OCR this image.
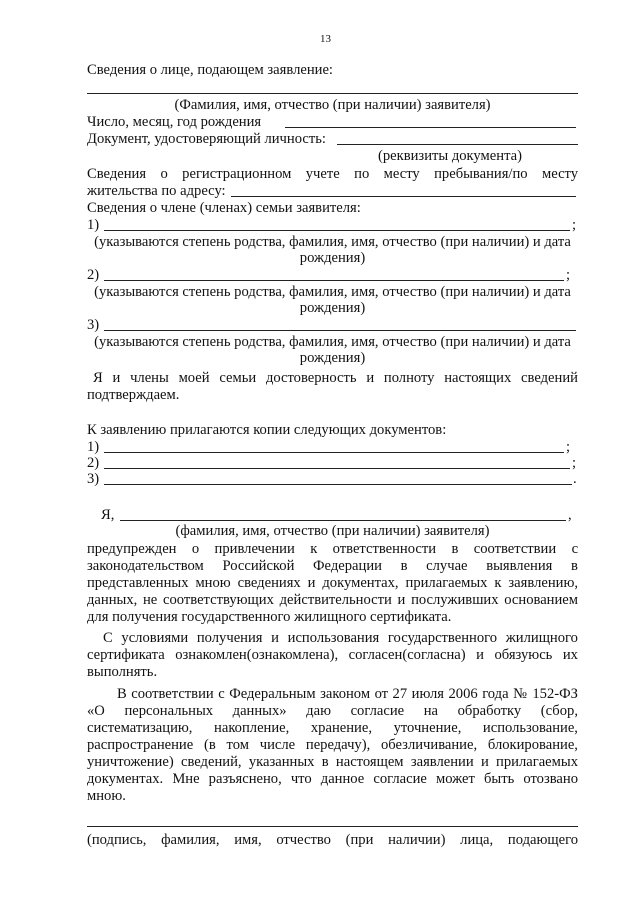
13
Сведения о лице, подающем заявление:
(Фамилия, имя, отчество (при наличии) заявителя)
Число, месяц, год рождения
Документ, удостоверяющий личность:
(реквизиты документа)
Сведения о регистрационном учете по месту пребывания/по месту
жительства по адресу:
Сведения о члене (членах) семьи заявителя:
1)	;
(указываются степень родства, фамилия, имя, отчество (при наличии) и дата
рождения)
2)	;
(указываются степень родства, фамилия, имя, отчество (при наличии) и дата
рождения)
3)
(указываются степень родства, фамилия, имя, отчество (при наличии) и дата
рождения)
Я и члены моей семьи достоверность и полноту настоящих сведений
подтверждаем.
К заявлению прилагаются копии следующих документов:
1)	;
2)	;
3)	.
Я,	,
(фамилия, имя, отчество (при наличии) заявителя)
предупрежден о привлечении к ответственности в соответствии с
законодательством Российской Федерации в случае выявления в
представленных мною сведениях и документах, прилагаемых к заявлению,
данных, не соответствующих действительности и послуживших основанием
для получения государственного жилищного сертификата.
С условиями получения и использования государственного жилищного
сертификата ознакомлен(ознакомлена), согласен(согласна) и обязуюсь их
выполнять.
В соответствии с Федеральным законом от 27 июля 2006 года № 152-ФЗ
«О персональных данных» даю согласие на обработку (сбор,
систематизацию, накопление, хранение, уточнение, использование,
распространение (в том числе передачу), обезличивание, блокирование,
уничтожение) сведений, указанных в настоящем заявлении и прилагаемых
документах. Мне разъяснено, что данное согласие может быть отозвано
мною.
(подпись, фамилия, имя, отчество (при наличии) лица, подающего
